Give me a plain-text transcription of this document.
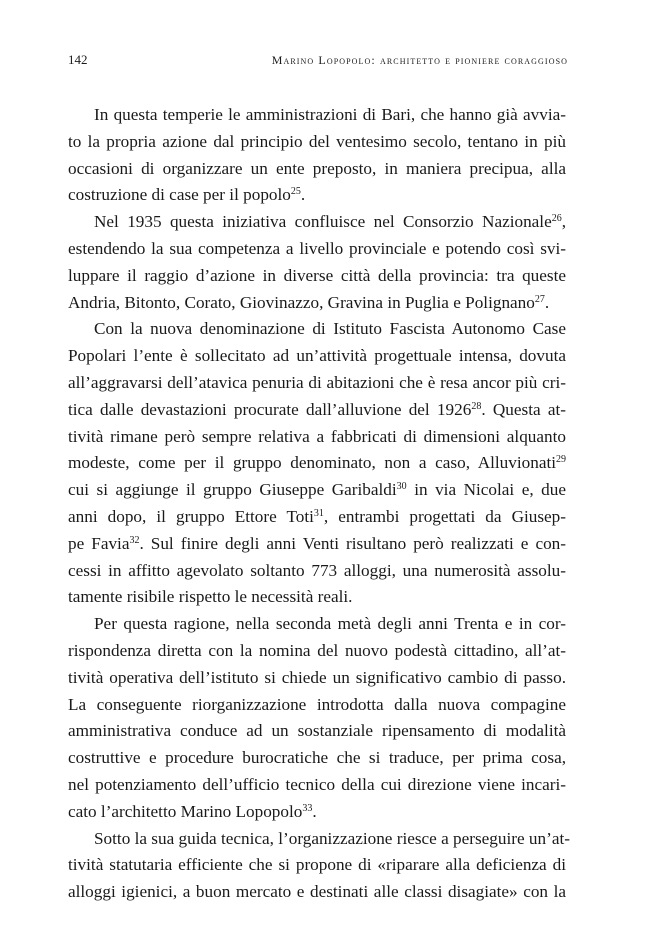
142	Marino Lopopolo: architetto e pioniere coraggioso
In questa temperie le amministrazioni di Bari, che hanno già avvia-
to la propria azione dal principio del ventesimo secolo, tentano in più
occasioni di organizzare un ente preposto, in maniera precipua, alla
costruzione di case per il popolo$^{25}$.
Nel 1935 questa iniziativa confluisce nel Consorzio Nazionale$^{26}$,
estendendo la sua competenza a livello provinciale e potendo così svi-
luppare il raggio d’azione in diverse città della provincia: tra queste
Andria, Bitonto, Corato, Giovinazzo, Gravina in Puglia e Polignano$^{27}$.
Con la nuova denominazione di Istituto Fascista Autonomo Case
Popolari l’ente è sollecitato ad un’attività progettuale intensa, dovuta
all’aggravarsi dell’atavica penuria di abitazioni che è resa ancor più cri-
tica dalle devastazioni procurate dall’alluvione del 1926$^{28}$. Questa at-
tività rimane però sempre relativa a fabbricati di dimensioni alquanto
modeste, come per il gruppo denominato, non a caso, Alluvionati$^{29}$
cui si aggiunge il gruppo Giuseppe Garibaldi$^{30}$ in via Nicolai e, due
anni dopo, il gruppo Ettore Toti$^{31}$, entrambi progettati da Giusep-
pe Favia$^{32}$. Sul finire degli anni Venti risultano però realizzati e con-
cessi in affitto agevolato soltanto 773 alloggi, una numerosità assolu-
tamente risibile rispetto le necessità reali.
Per questa ragione, nella seconda metà degli anni Trenta e in cor-
rispondenza diretta con la nomina del nuovo podestà cittadino, all’at-
tività operativa dell’istituto si chiede un significativo cambio di passo.
La conseguente riorganizzazione introdotta dalla nuova compagine
amministrativa conduce ad un sostanziale ripensamento di modalità
costruttive e procedure burocratiche che si traduce, per prima cosa,
nel potenziamento dell’ufficio tecnico della cui direzione viene incari-
cato l’architetto Marino Lopopolo$^{33}$.
Sotto la sua guida tecnica, l’organizzazione riesce a perseguire un’at-
tività statutaria efficiente che si propone di «riparare alla deficienza di
alloggi igienici, a buon mercato e destinati alle classi disagiate» con la
